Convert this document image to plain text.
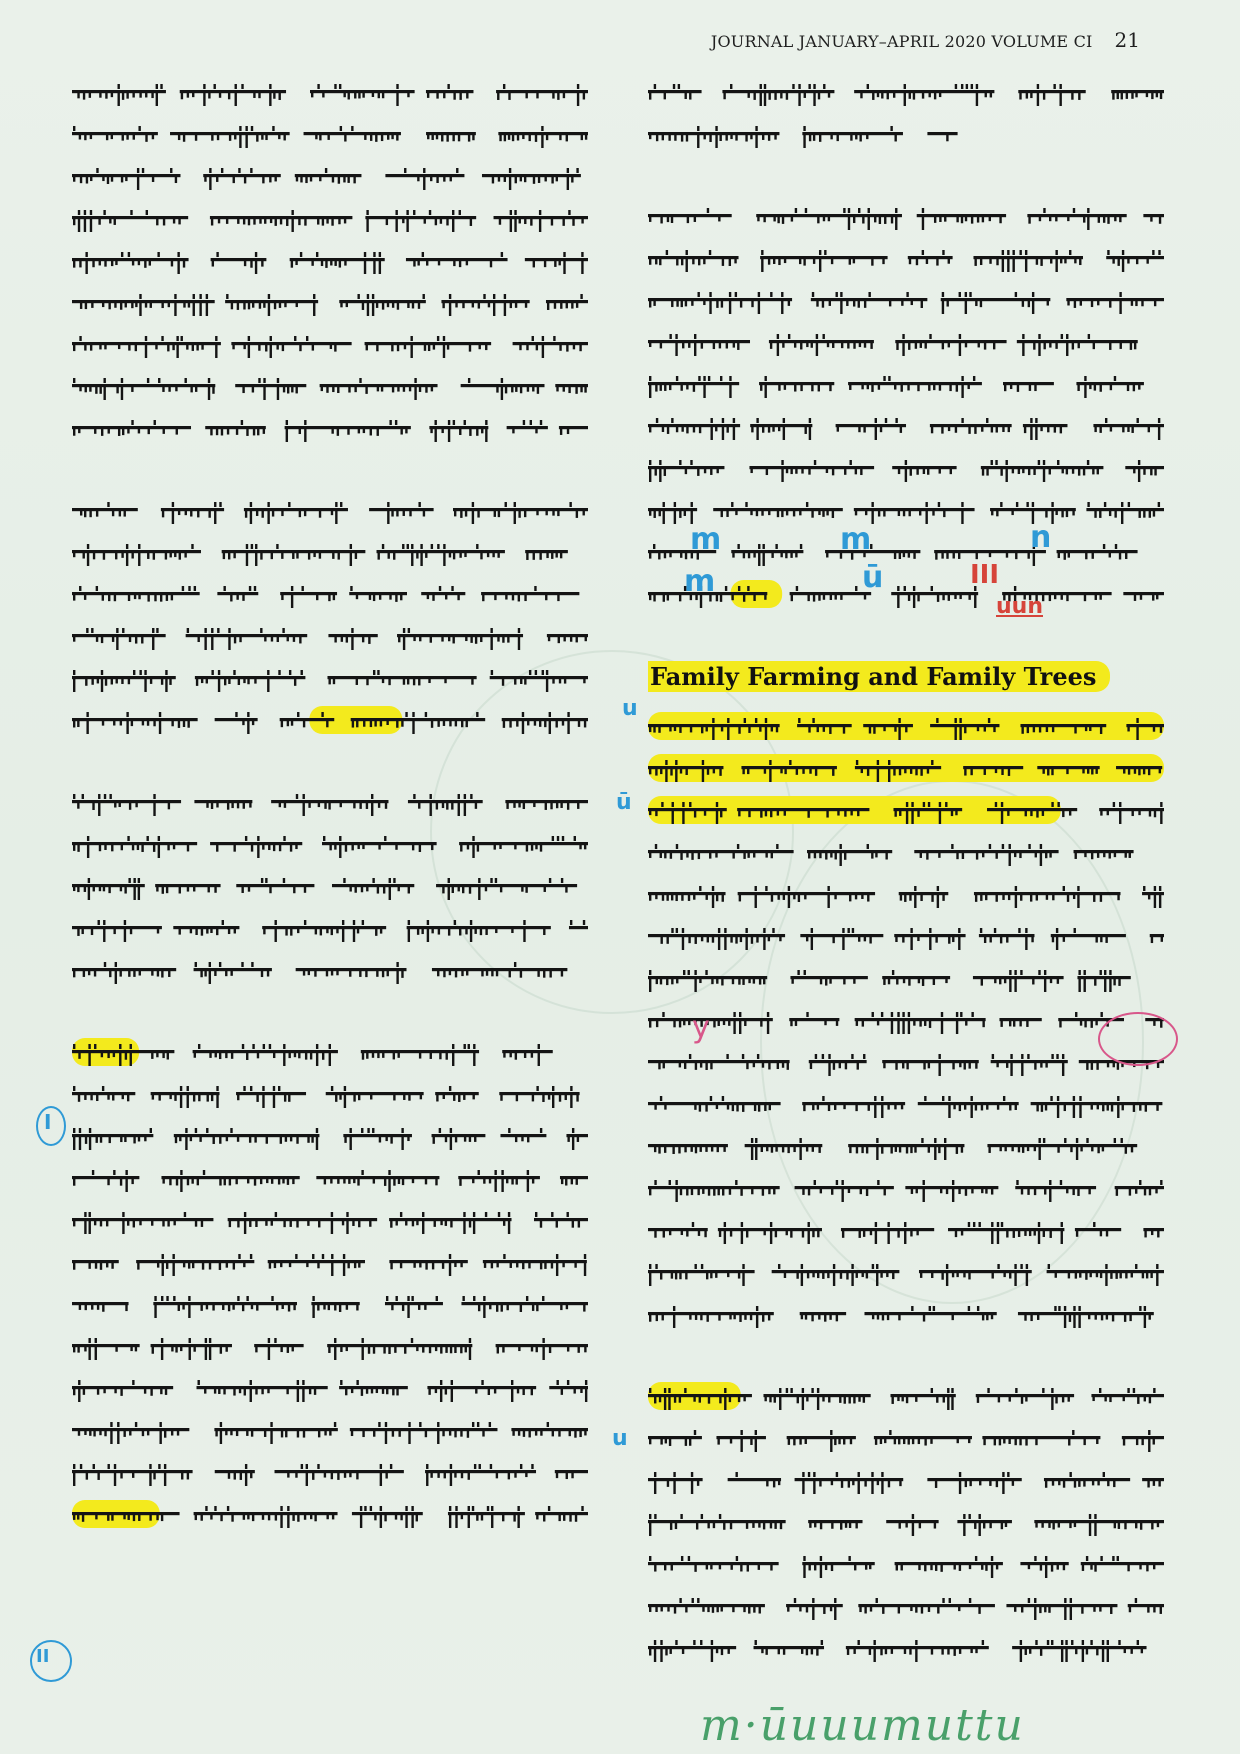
JOURNAL JANUARY–APRIL 2020 VOLUME CI 21
Family Farming and Family Trees
u
ū
u
I
II
m	m	n
m	ū	III
uun
y
m·ūuuumuttu
